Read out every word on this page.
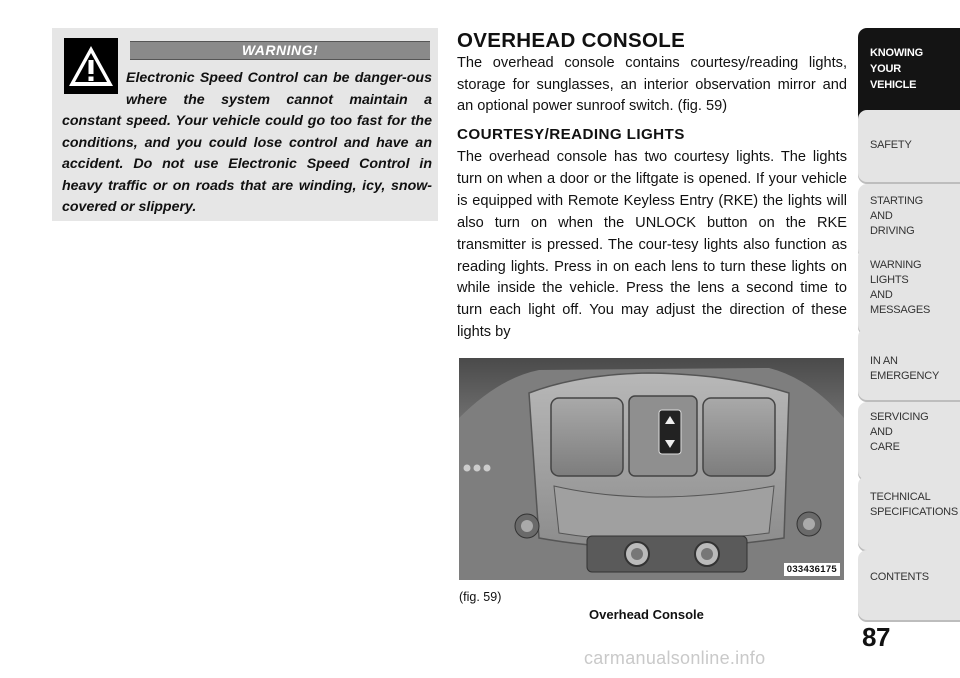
WARNING!
Electronic Speed Control can be danger-ous where the system cannot maintain a constant speed. Your vehicle could go too fast for the conditions, and you could lose control and have an accident. Do not use Electronic Speed Control in heavy traffic or on roads that are winding, icy, snow-covered or slippery.
OVERHEAD CONSOLE
The overhead console contains courtesy/reading lights, storage for sunglasses, an interior observation mirror and an optional power sunroof switch. (fig. 59)
COURTESY/READING LIGHTS
The overhead console has two courtesy lights. The lights turn on when a door or the liftgate is opened. If your vehicle is equipped with Remote Keyless Entry (RKE) the lights will also turn on when the UNLOCK button on the RKE transmitter is pressed. The cour-tesy lights also function as reading lights. Press in on each lens to turn these lights on while inside the vehicle. Press the lens a second time to turn each light off. You may adjust the direction of these lights by
033436175
(fig. 59)
Overhead Console
KNOWING
YOUR
VEHICLE
SAFETY
STARTING
AND
DRIVING
WARNING
LIGHTS
AND
MESSAGES
IN AN
EMERGENCY
SERVICING
AND
CARE
TECHNICAL
SPECIFICATIONS
CONTENTS
87
carmanualsonline.info
